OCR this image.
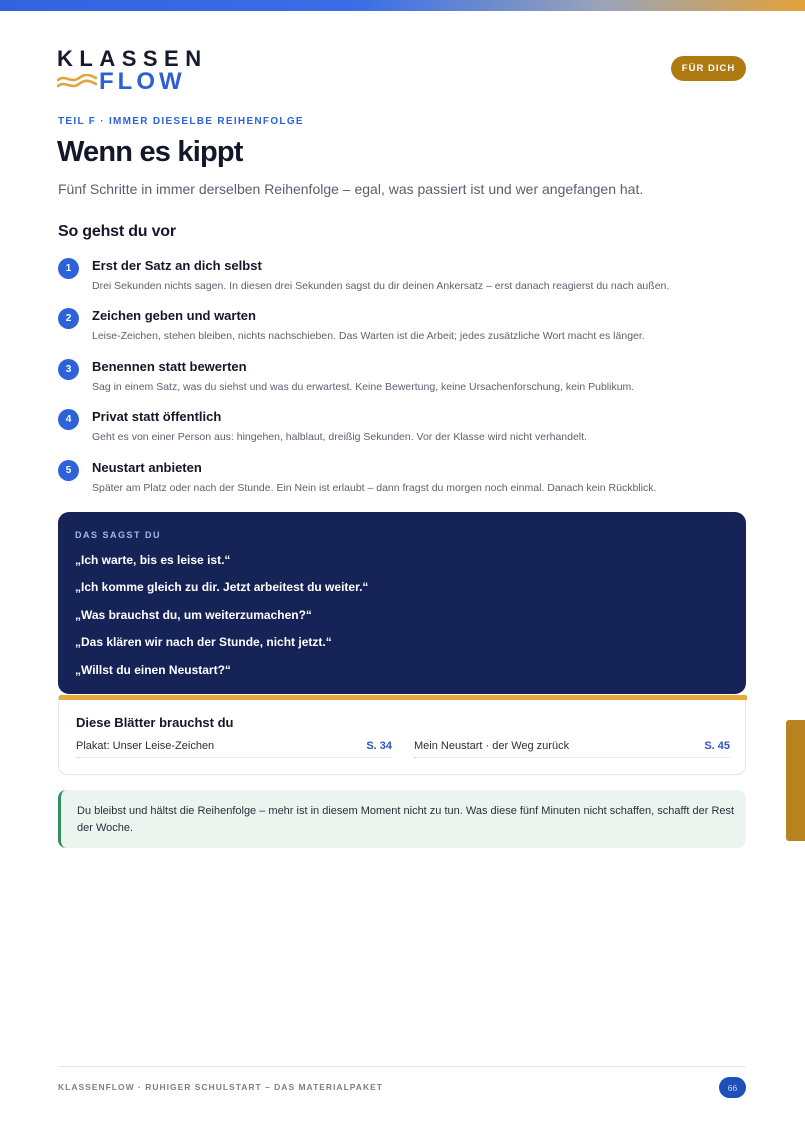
KLASSEN
FLOW	FÜR DICH
TEIL F · IMMER DIESELBE REIHENFOLGE
Wenn es kippt

Fünf Schritte in immer derselben Reihenfolge – egal, was passiert ist und wer angefangen hat.

So gehst du vor
1	Erst der Satz an dich selbst
Drei Sekunden nichts sagen. In diesen drei Sekunden sagst du dir deinen Ankersatz – erst danach reagierst du nach außen.
2	Zeichen geben und warten
Leise-Zeichen, stehen bleiben, nichts nachschieben. Das Warten ist die Arbeit; jedes zusätzliche Wort macht es länger.
3	Benennen statt bewerten
Sag in einem Satz, was du siehst und was du erwartest. Keine Bewertung, keine Ursachenforschung, kein Publikum.
4	Privat statt öffentlich
Geht es von einer Person aus: hingehen, halblaut, dreißig Sekunden. Vor der Klasse wird nicht verhandelt.
5	Neustart anbieten
Später am Platz oder nach der Stunde. Ein Nein ist erlaubt – dann fragst du morgen noch einmal. Danach kein Rückblick.
DAS SAGST DU
„Ich warte, bis es leise ist.“
„Ich komme gleich zu dir. Jetzt arbeitest du weiter.“
„Was brauchst du, um weiterzumachen?“
„Das klären wir nach der Stunde, nicht jetzt.“
„Willst du einen Neustart?“
Diese Blätter brauchst du
Plakat: Unser Leise-Zeichen	S. 34 Mein Neustart · der Weg zurück	S. 45

Du bleibst und hältst die Reihenfolge – mehr ist in diesem Moment nicht zu tun. Was diese fünf Minuten nicht schaffen, schafft der Rest der Woche.

KLASSENFLOW · RUHIGER SCHULSTART – DAS MATERIALPAKET	66
